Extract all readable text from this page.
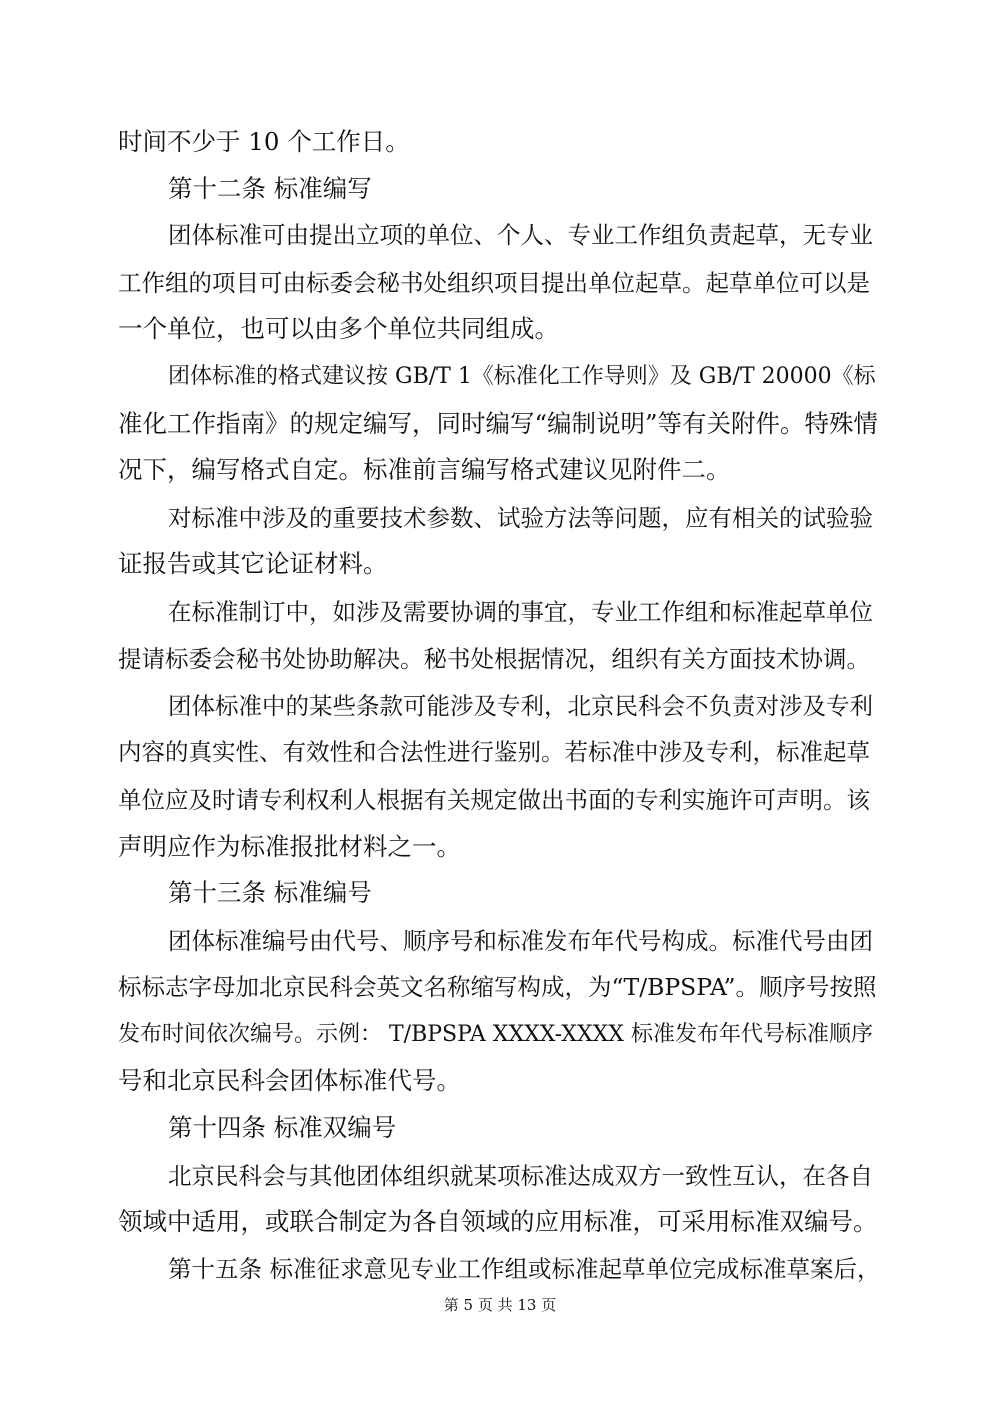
时间不少于 10 个工作日。

第十二条 标准编写

团体标准可由提出立项的单位、个人、专业工作组负责起草，无专业

工作组的项目可由标委会秘书处组织项目提出单位起草。起草单位可以是

一个单位，也可以由多个单位共同组成。

团体标准的格式建议按 GB/T 1《标准化工作导则》及 GB/T 20000《标

准化工作指南》的规定编写，同时编写“编制说明”等有关附件。特殊情

况下，编写格式自定。标准前言编写格式建议见附件二。

对标准中涉及的重要技术参数、试验方法等问题，应有相关的试验验

证报告或其它论证材料。

在标准制订中，如涉及需要协调的事宜，专业工作组和标准起草单位

提请标委会秘书处协助解决。秘书处根据情况，组织有关方面技术协调。

团体标准中的某些条款可能涉及专利，北京民科会不负责对涉及专利

内容的真实性、有效性和合法性进行鉴别。若标准中涉及专利，标准起草

单位应及时请专利权利人根据有关规定做出书面的专利实施许可声明。该

声明应作为标准报批材料之一。

第十三条 标准编号

团体标准编号由代号、顺序号和标准发布年代号构成。标准代号由团

标标志字母加北京民科会英文名称缩写构成，为“T/BPSPA”。顺序号按照

发布时间依次编号。示例： T/BPSPA XXXX-XXXX 标准发布年代号标准顺序

号和北京民科会团体标准代号。

第十四条 标准双编号

北京民科会与其他团体组织就某项标准达成双方一致性互认，在各自

领域中适用，或联合制定为各自领域的应用标准，可采用标准双编号。

第十五条 标准征求意见专业工作组或标准起草单位完成标准草案后，

第 5 页 共 13 页
